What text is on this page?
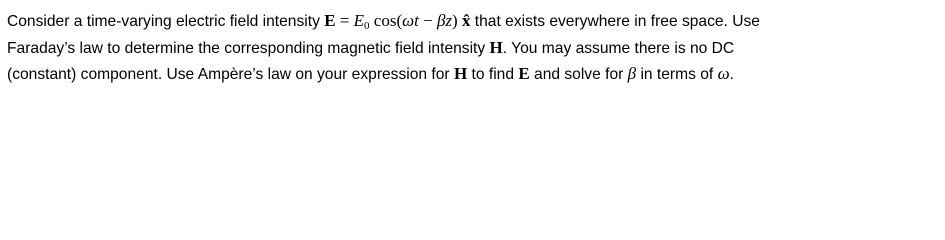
Consider a time-varying electric field intensity $E = E_0$ cos(ωt − βz) x̂ that exists everywhere in free space. Use
Faraday’s law to determine the corresponding magnetic field intensity H. You may assume there is no DC
(constant) component. Use Ampère’s law on your expression for H to find E and solve for β in terms of ω.
